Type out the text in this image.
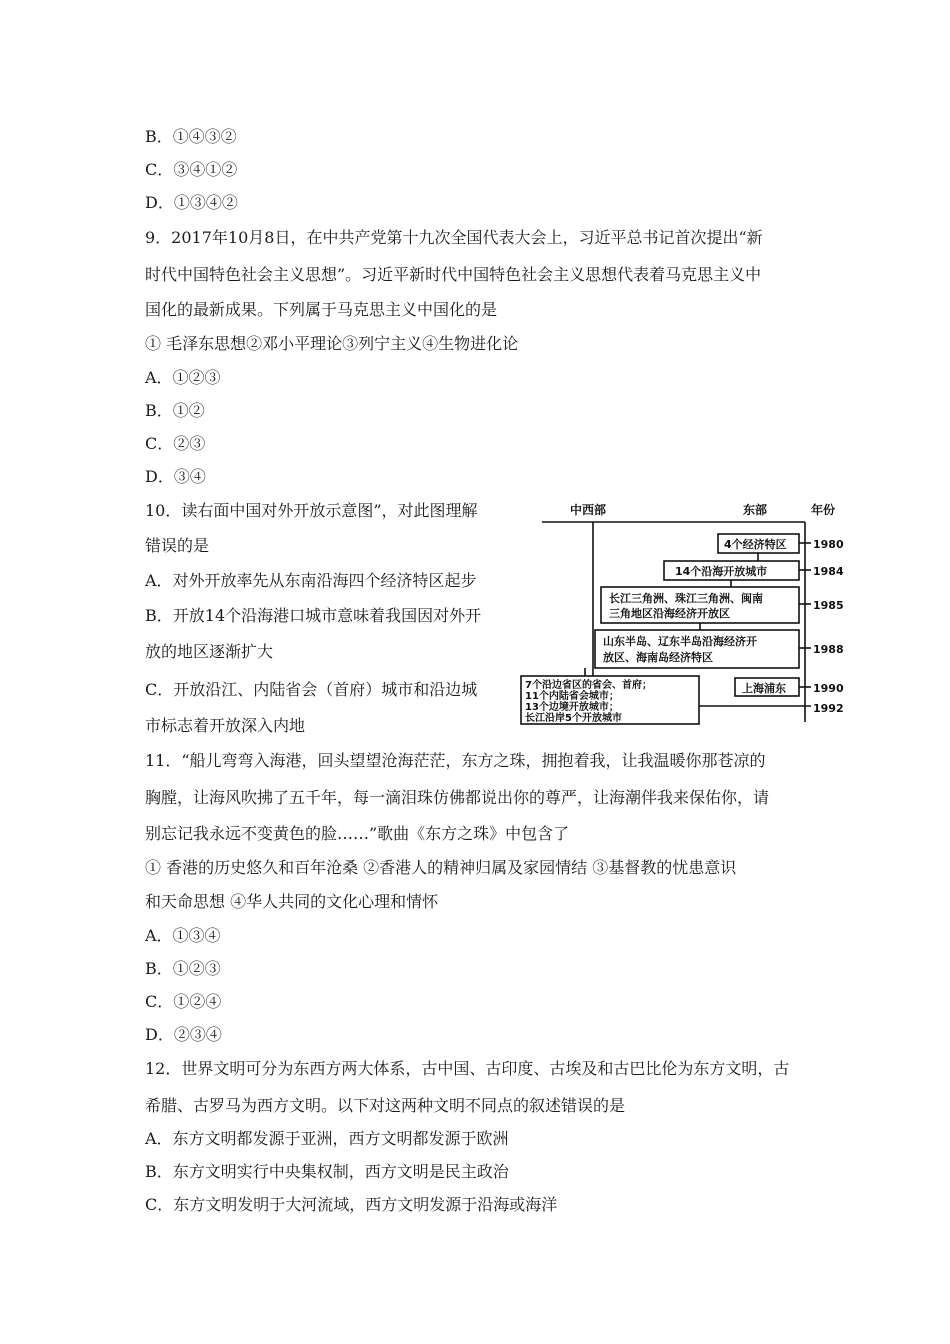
B．①④③②
C．③④①②
D．①③④②
9．2017年10月8日，在中共产党第十九次全国代表大会上，习近平总书记首次提出“新
时代中国特色社会主义思想”。习近平新时代中国特色社会主义思想代表着马克思主义中
国化的最新成果。下列属于马克思主义中国化的是
① 毛泽东思想②邓小平理论③列宁主义④生物进化论
A．①②③
B．①②
C．②③
D．③④
10．读右面中国对外开放示意图”，对此图理解
错误的是
A．对外开放率先从东南沿海四个经济特区起步
B．开放14个沿海港口城市意味着我国因对外开
放的地区逐渐扩大
C．开放沿江、内陆省会（首府）城市和沿边城
市标志着开放深入内地
中西部	东部	年份
4个经济特区 1980
14个沿海开放城市	1984
长江三角洲、珠江三角洲、闽南
三角地区沿海经济开放区
1985
山东半岛、辽东半岛沿海经济开
放区、海南岛经济特区
1988
上海浦东 1990
7个沿边省区的省会、首府；
11个内陆省会城市；
13个边境开放城市；
长江沿岸5个开放城市
1992
11．“船儿弯弯入海港，回头望望沧海茫茫，东方之珠，拥抱着我，让我温暖你那苍凉的
胸膛，让海风吹拂了五千年，每一滴泪珠仿佛都说出你的尊严，让海潮伴我来保佑你，请
别忘记我永远不变黄色的脸……”歌曲《东方之珠》中包含了
① 香港的历史悠久和百年沧桑 ②香港人的精神归属及家园情结 ③基督教的忧患意识
和天命思想 ④华人共同的文化心理和情怀
A．①③④
B．①②③
C．①②④
D．②③④
12．世界文明可分为东西方两大体系，古中国、古印度、古埃及和古巴比伦为东方文明，古
希腊、古罗马为西方文明。以下对这两种文明不同点的叙述错误的是
A．东方文明都发源于亚洲，西方文明都发源于欧洲
B．东方文明实行中央集权制，西方文明是民主政治
C．东方文明发明于大河流域，西方文明发源于沿海或海洋
